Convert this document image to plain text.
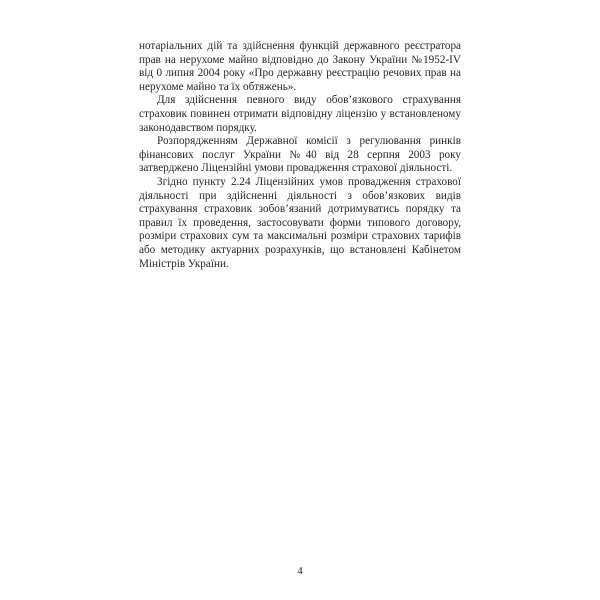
нотаріальних дій та здійснення функцій державного реєстратора прав на нерухоме майно відповідно до Закону України №1952-IV від 0 липня 2004 року «Про державну реєстрацію речових прав на нерухоме майно та їх обтяжень».

Для здійснення певного виду обов’язкового страхування страховик повинен отримати відповідну ліцензію у встановленому законодавством порядку.

Розпорядженням Державної комісії з регулювання ринків фінансових послуг України №40 від 28 серпня 2003 року затверджено Ліцензійні умови провадження страхової діяльності.

Згідно пункту 2.24 Ліцензійних умов провадження страхової діяльності при здійсненні діяльності з обов’язкових видів страхування страховик зобов’язаний дотримуватись порядку та правил їх проведення, застосовувати форми типового договору, розміри страхових сум та максимальні розміри страхових тарифів або методику актуарних розрахунків, що встановлені Кабінетом Міністрів України.

4
